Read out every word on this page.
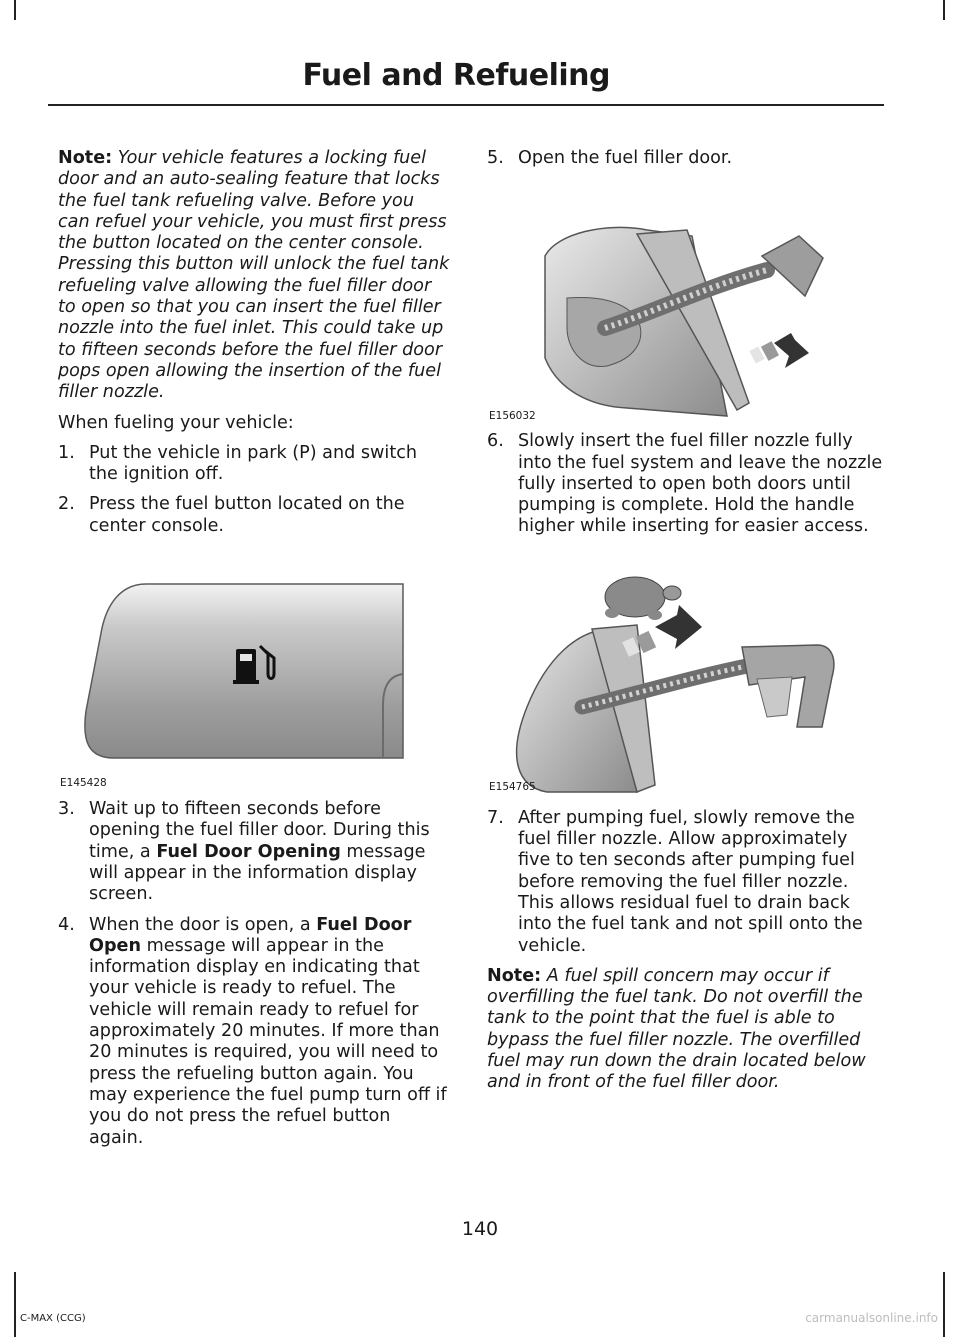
Fuel and Refueling

Note: Your vehicle features a locking fuel door and an auto-sealing feature that locks the fuel tank refueling valve. Before you can refuel your vehicle, you must first press the button located on the center console. Pressing this button will unlock the fuel tank refueling valve allowing the fuel filler door to open so that you can insert the fuel filler nozzle into the fuel inlet. This could take up to fifteen seconds before the fuel filler door pops open allowing the insertion of the fuel filler nozzle.

When fueling your vehicle:

1. Put the vehicle in park (P) and switch the ignition off.
2. Press the fuel button located on the center console.
E145428
3. Wait up to fifteen seconds before opening the fuel filler door. During this time, a Fuel Door Opening message will appear in the information display screen.
4. When the door is open, a Fuel Door Open message will appear in the information display en indicating that your vehicle is ready to refuel. The vehicle will remain ready to refuel for approximately 20 minutes. If more than 20 minutes is required, you will need to press the refueling button again. You may experience the fuel pump turn off if you do not press the refuel button again.
5. Open the fuel filler door.
E156032
6. Slowly insert the fuel filler nozzle fully into the fuel system and leave the nozzle fully inserted to open both doors until pumping is complete. Hold the handle higher while inserting for easier access.
E154765
7. After pumping fuel, slowly remove the fuel filler nozzle. Allow approximately five to ten seconds after pumping fuel before removing the fuel filler nozzle. This allows residual fuel to drain back into the fuel tank and not spill onto the vehicle.

Note: A fuel spill concern may occur if overfilling the fuel tank. Do not overfill the tank to the point that the fuel is able to bypass the fuel filler nozzle. The overfilled fuel may run down the drain located below and in front of the fuel filler door.

140
C-MAX (CCG)	carmanualsonline.info
